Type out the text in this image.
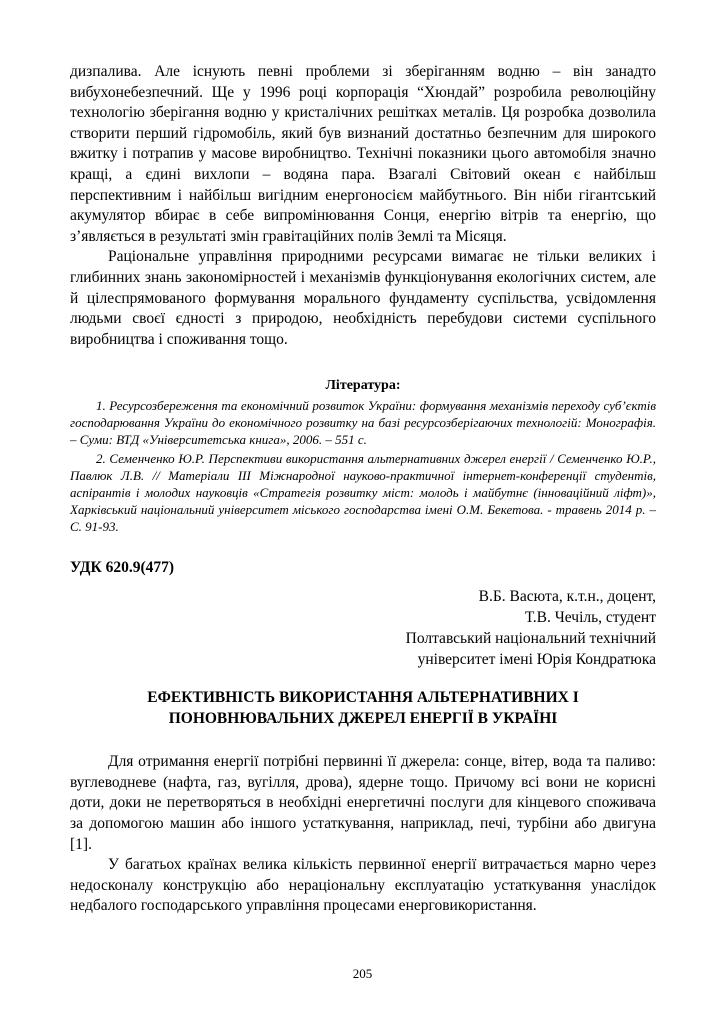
дизпалива. Але існують певні проблеми зі зберіганням водню – він занадто вибухонебезпечний. Ще у 1996 році корпорація “Хюндай” розробила революційну технологію зберігання водню у кристалічних решітках металів. Ця розробка дозволила створити перший гідромобіль, який був визнаний достатньо безпечним для широкого вжитку і потрапив у масове виробництво. Технічні показники цього автомобіля значно кращі, а єдині вихлопи – водяна пара. Взагалі Світовий океан є найбільш перспективним і найбільш вигідним енергоносієм майбутнього. Він ніби гігантський акумулятор вбирає в себе випромінювання Сонця, енергію вітрів та енергію, що з’являється в результаті змін гравітаційних полів Землі та Місяця.

Раціональне управління природними ресурсами вимагає не тільки великих і глибинних знань закономірностей і механізмів функціонування екологічних систем, але й цілеспрямованого формування морального фундаменту суспільства, усвідомлення людьми своєї єдності з природою, необхідність перебудови системи суспільного виробництва і споживання тощо.

Література:

1. Ресурсозбереження та економічний розвиток України: формування механізмів переходу суб’єктів господарювання України до економічного розвитку на базі ресурсозберігаючих технологій: Монографія. – Суми: ВТД «Університетська книга», 2006. – 551 с.

2. Семенченко Ю.Р. Перспективи використання альтернативних джерел енергії / Семенченко Ю.Р., Павлюк Л.В. // Матеріали ІІІ Міжнародної науково-практичної інтернет-конференції студентів, аспірантів і молодих науковців «Стратегія розвитку міст: молодь і майбутнє (інноваційний ліфт)», Харківський національний університет міського господарства імені О.М. Бекетова. - травень 2014 р. – С. 91-93.

УДК 620.9(477)

В.Б. Васюта, к.т.н., доцент,

Т.В. Чечіль, студент

Полтавський національний технічний

університет імені Юрія Кондратюка

ЕФЕКТИВНІСТЬ ВИКОРИСТАННЯ АЛЬТЕРНАТИВНИХ І ПОНОВНЮВАЛЬНИХ ДЖЕРЕЛ ЕНЕРГІЇ В УКРАЇНІ

Для отримання енергії потрібні первинні її джерела: сонце, вітер, вода та паливо: вуглеводневе (нафта, газ, вугілля, дрова), ядерне тощо. Причому всі вони не корисні доти, доки не перетворяться в необхідні енергетичні послуги для кінцевого споживача за допомогою машин або іншого устаткування, наприклад, печі, турбіни або двигуна [1].

У багатьох країнах велика кількість первинної енергії витрачається марно через недосконалу конструкцію або нераціональну експлуатацію устаткування унаслідок недбалого господарського управління процесами енерговикористання.

205
